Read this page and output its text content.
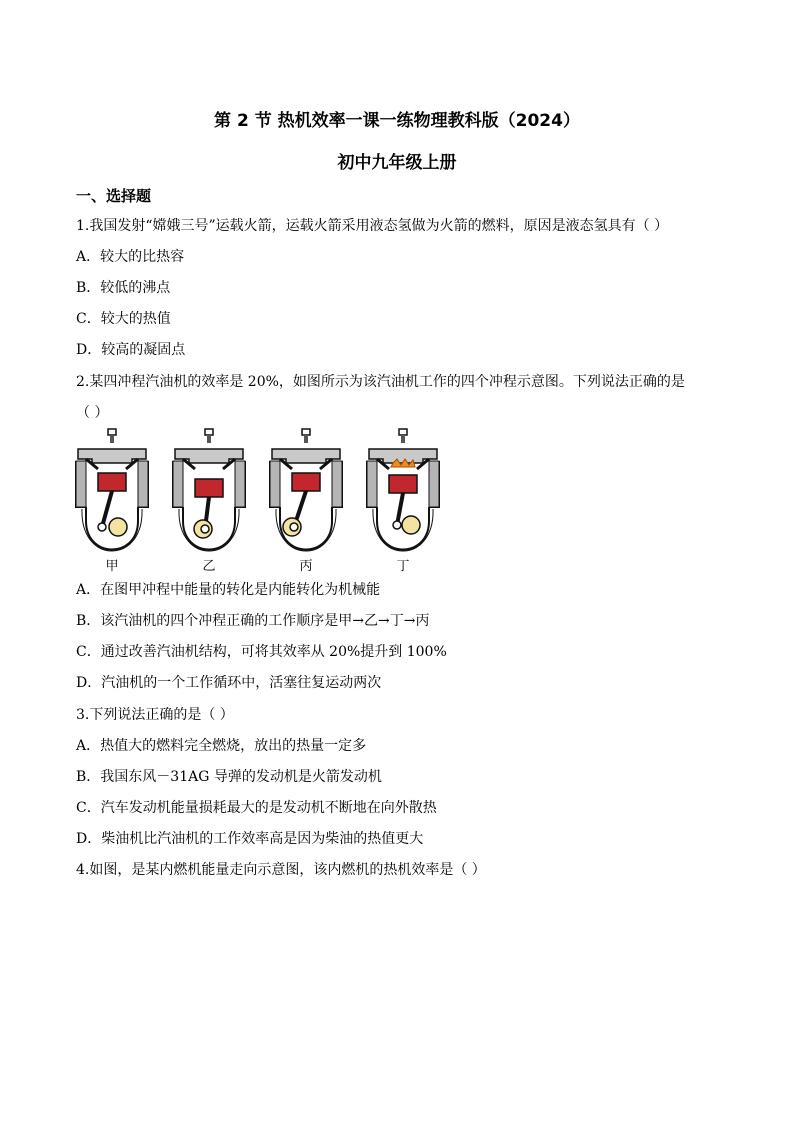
第 2 节 热机效率一课一练物理教科版（2024）
初中九年级上册
一、选择题
1.我国发射“嫦娥三号”运载火箭，运载火箭采用液态氢做为火箭的燃料，原因是液态氢具有（ ）
A．较大的比热容
B．较低的沸点
C．较大的热值
D．较高的凝固点
2.某四冲程汽油机的效率是 20%，如图所示为该汽油机工作的四个冲程示意图。下列说法正确的是
（ ）
甲	乙	丙	丁
A．在图甲冲程中能量的转化是内能转化为机械能
B．该汽油机的四个冲程正确的工作顺序是甲→乙→丁→丙
C．通过改善汽油机结构，可将其效率从 20%提升到 100%
D．汽油机的一个工作循环中，活塞往复运动两次
3.下列说法正确的是（ ）
A．热值大的燃料完全燃烧，放出的热量一定多
B．我国东风－31AG 导弹的发动机是火箭发动机
C．汽车发动机能量损耗最大的是发动机不断地在向外散热
D．柴油机比汽油机的工作效率高是因为柴油的热值更大
4.如图，是某内燃机能量走向示意图，该内燃机的热机效率是（ ）
